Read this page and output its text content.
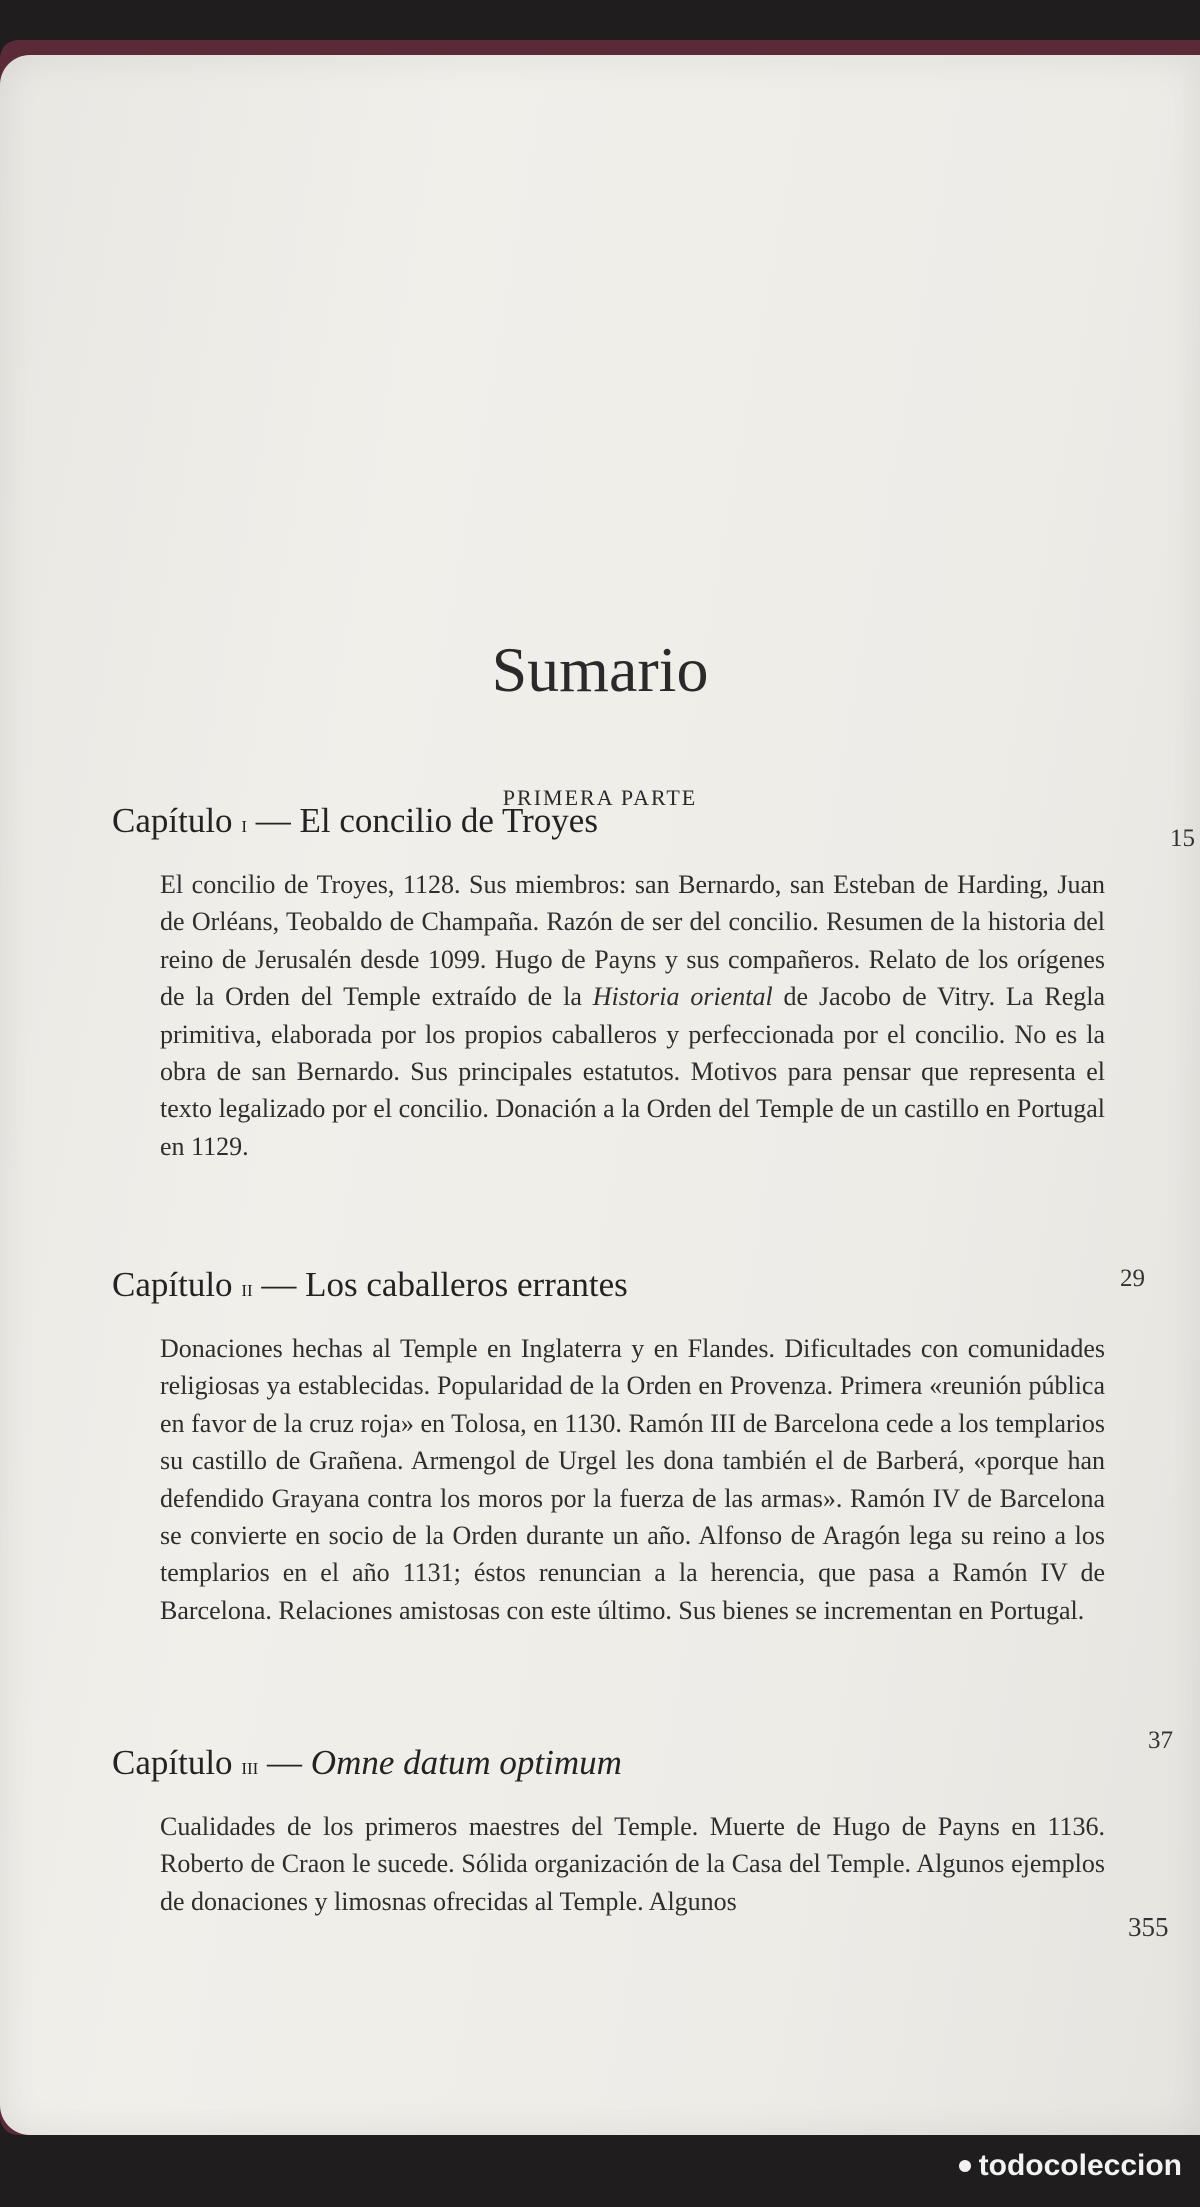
Sumario
PRIMERA PARTE
Capítulo i — El concilio de Troyes

El concilio de Troyes, 1128. Sus miembros: san Bernardo, san Esteban de Harding, Juan de Orléans, Teobaldo de Champaña. Razón de ser del concilio. Resumen de la historia del reino de Jerusalén desde 1099. Hugo de Payns y sus compañeros. Relato de los orígenes de la Orden del Temple extraído de la Historia oriental de Jacobo de Vitry. La Regla primitiva, elaborada por los propios caballeros y perfeccionada por el concilio. No es la obra de san Bernardo. Sus principales estatutos. Motivos para pensar que representa el texto legalizado por el concilio. Donación a la Orden del Temple de un castillo en Portugal en 1129.

15
Capítulo ii — Los caballeros errantes
Donaciones hechas al Temple en Inglaterra y en Flandes. Dificultades con comunidades religiosas ya establecidas. Popularidad de la Orden en Provenza. Primera «reunión pública en favor de la cruz roja» en Tolosa, en 1130. Ramón III de Barcelona cede a los templarios su castillo de Grañena. Armengol de Urgel les dona también el de Barberá, «porque han defendido Grayana contra los moros por la fuerza de las armas». Ramón IV de Barcelona se convierte en socio de la Orden durante un año. Alfonso de Aragón lega su reino a los templarios en el año 1131; éstos renuncian a la herencia, que pasa a Ramón IV de Barcelona. Relaciones amistosas con este último. Sus bienes se incrementan en Portugal.
29
Capítulo iii — Omne datum optimum
Cualidades de los primeros maestres del Temple. Muerte de Hugo de Payns en 1136. Roberto de Craon le sucede. Sólida organización de la Casa del Temple. Algunos ejemplos de donaciones y limosnas ofrecidas al Temple. Algunos
37
355
todocoleccion
